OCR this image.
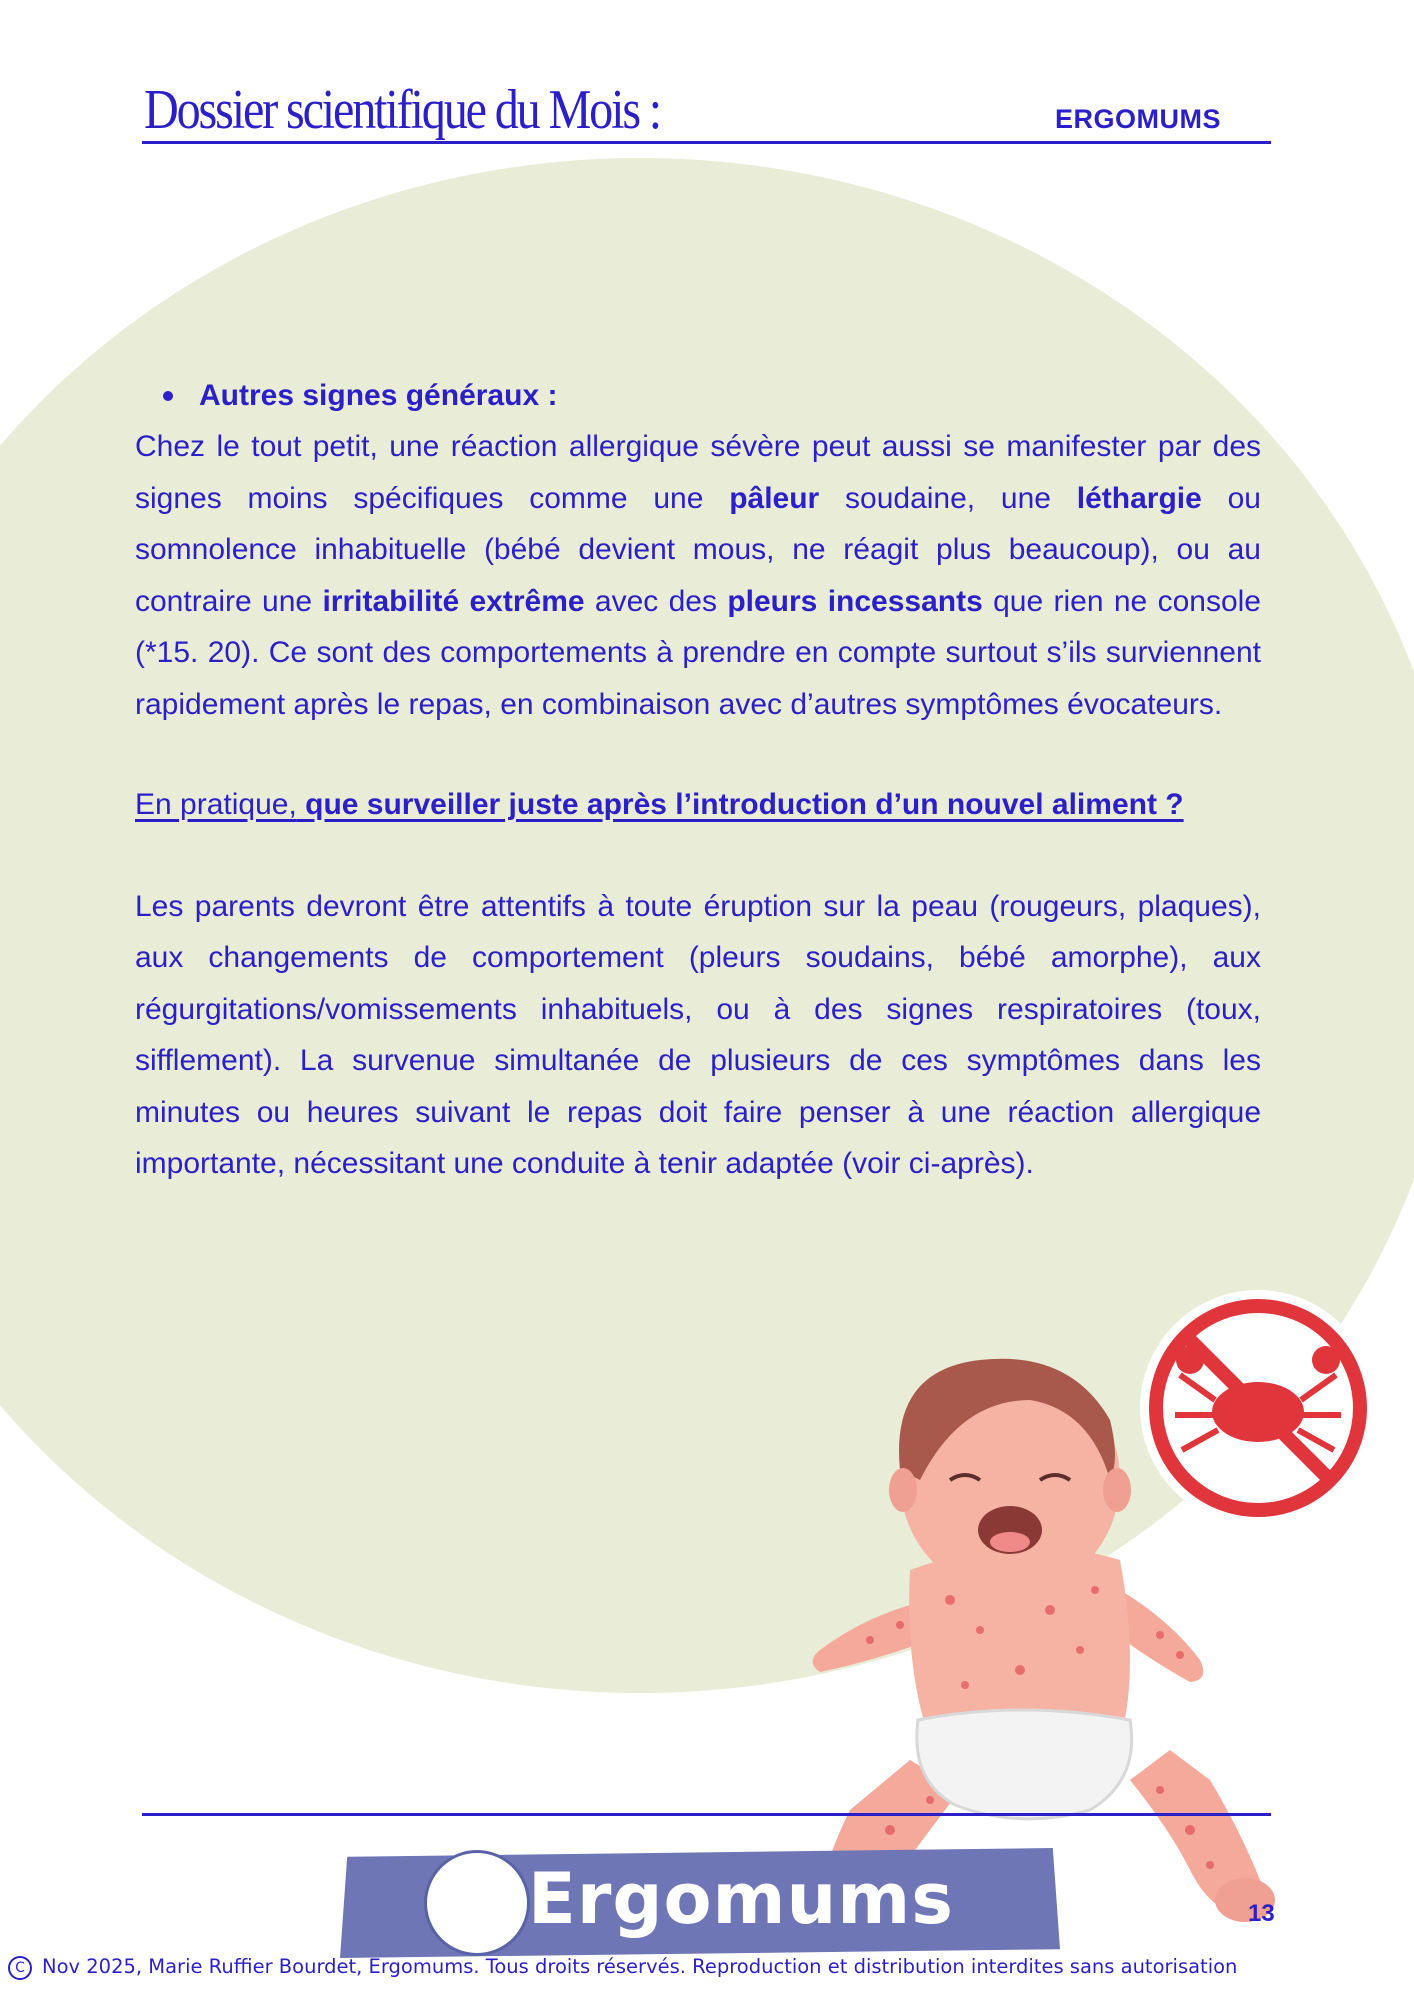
Dossier scientifique du Mois :	ERGOMUMS
Autres signes généraux :

Chez le tout petit, une réaction allergique sévère peut aussi se manifester par des signes moins spécifiques comme une pâleur soudaine, une léthargie ou somnolence inhabituelle (bébé devient mous, ne réagit plus beaucoup), ou au contraire une irritabilité extrême avec des pleurs incessants que rien ne console (*15. 20). Ce sont des comportements à prendre en compte surtout s’ils surviennent rapidement après le repas, en combinaison avec d’autres symptômes évocateurs.

En pratique, que surveiller juste après l’introduction d’un nouvel aliment ?

Les parents devront être attentifs à toute éruption sur la peau (rougeurs, plaques), aux changements de comportement (pleurs soudains, bébé amorphe), aux régurgitations/vomissements inhabituels, ou à des signes respiratoires (toux, sifflement). La survenue simultanée de plusieurs de ces symptômes dans les minutes ou heures suivant le repas doit faire penser à une réaction allergique importante, nécessitant une conduite à tenir adaptée (voir ci-après).

Ergomums	13
C Nov 2025, Marie Ruffier Bourdet, Ergomums. Tous droits réservés. Reproduction et distribution interdites sans autorisation
